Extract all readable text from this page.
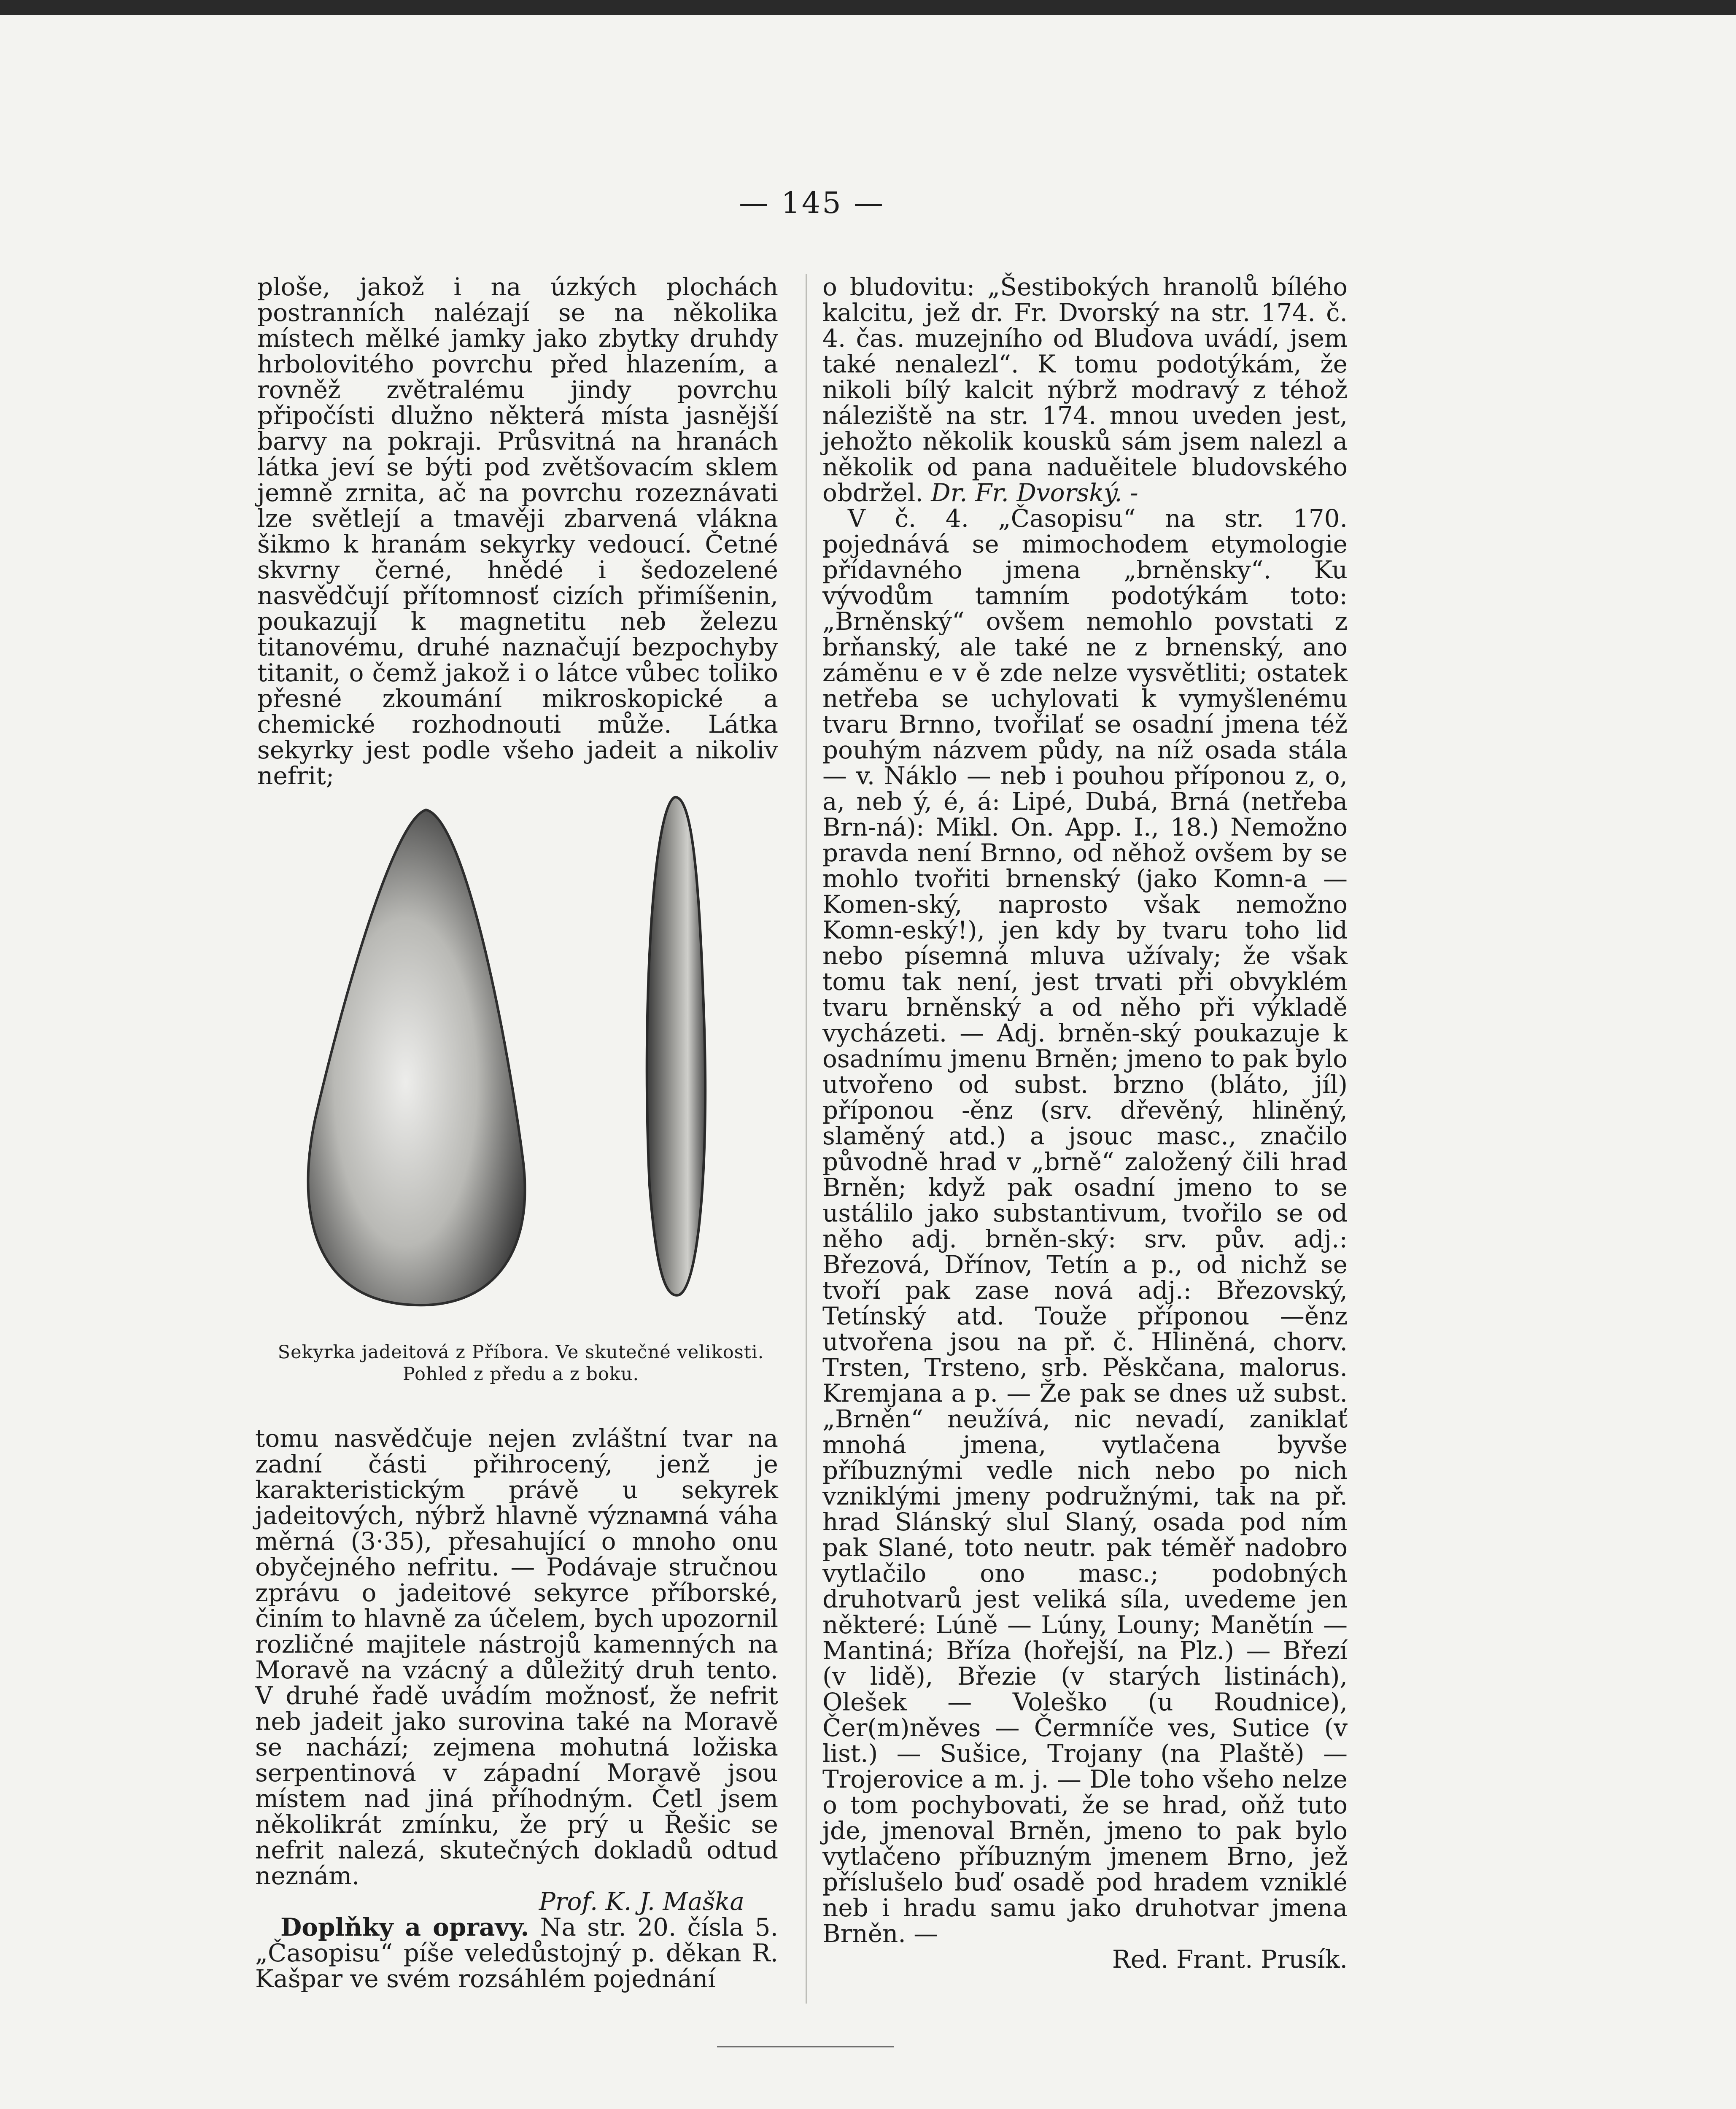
— 145 —

ploše, jakož i na úzkých plochách postranních nalézají se na několika místech mělké jamky jako zbytky druhdy hrbolovitého povrchu před hlazením, a rovněž zvětralému jindy povrchu připočísti dlužno některá místa jasnější barvy na pokraji. Průsvitná na hranách látka jeví se býti pod zvětšovacím sklem jemně zrnita, ač na povrchu rozeznávati lze světlejí a tmavěji zbarvená vlákna šikmo k hranám sekyrky vedoucí. Četné skvrny černé, hnědé i šedozelené nasvědčují přítomnosť cizích přimíšenin, poukazují k magnetitu neb železu titanovému, druhé naznačují bezpochyby titanit, o čemž jakož i o látce vůbec toliko přesné zkoumání mikroskopické a chemické rozhodnouti může. Látka sekyrky jest podle všeho jadeit a nikoliv nefrit;

Sekyrka jadeitová z Příbora. Ve skutečné velikosti. Pohled z předu a z boku.

tomu nasvědčuje nejen zvláštní tvar na zadní části přihrocený, jenž je karakteristickým právě u sekyrek jadeitových, nýbrž hlavně význaмná váha měrná (3·35), přesahující o mnoho onu obyčejného nefritu. — Podávaje stručnou zprávu o jadeitové sekyrce příborské, činím to hlavně za účelem, bych upozornil rozličné majitele nástrojů kamenných na Moravě na vzácný a důležitý druh tento. V druhé řadě uvádím možnosť, že nefrit neb jadeit jako surovina také na Moravě se nachází; zejmena mohutná ložiska serpentinová v západní Moravě jsou místem nad jiná příhodným. Četl jsem několikrát zmínku, že prý u Řešic se nefrit nalezá, skutečných dokladů odtud neznám.

Prof. K. J. Maška

Doplňky a opravy. Na str. 20. čísla 5. „Časopisu“ píše veledůstojný p. děkan R. Kašpar ve svém rozsáhlém pojednání

o bludovitu: „Šestibokých hranolů bílého kalcitu, jež dr. Fr. Dvorský na str. 174. č. 4. čas. muzejního od Bludova uvádí, jsem také nenalezl“. K tomu podotýkám, že nikoli bílý kalcit nýbrž modravý z téhož náleziště na str. 174. mnou uveden jest, jehožto několik kousků sám jsem nalezl a několik od pana naduěitele bludovského obdržel. Dr. Fr. Dvorský. -

V č. 4. „Časopisu“ na str. 170. pojednává se mimochodem etymologie přídavného jmena „brněnsky“. Ku vývodům tamním podotýkám toto: „Brněnský“ ovšem nemohlo povstati z brňanský, ale také ne z brnenský, ano záměnu e v ě zde nelze vysvětliti; ostatek netřeba se uchylovati k vymyšlenému tvaru Brnno, tvořilať se osadní jmena též pouhým názvem půdy, na níž osada stála — v. Náklo — neb i pouhou příponou z, o, a, neb ý, é, á: Lipé, Dubá, Brná (netřeba Brn-ná): Mikl. On. App. I., 18.) Nemožno pravda není Brnno, od něhož ovšem by se mohlo tvořiti brnenský (jako Komn-a — Komen-ský, naprosto však nemožno Komn-eský!), jen kdy by tvaru toho lid nebo písemná mluva užívaly; že však tomu tak není, jest trvati při obvyklém tvaru brněnský a od něho při výkladě vycházeti. — Adj. brněn-ský poukazuje k osadnímu jmenu Brněn; jmeno to pak bylo utvořeno od subst. brzno (bláto, jíl) příponou -ěnz (srv. dřevěný, hliněný, slaměný atd.) a jsouc masc., značilo původně hrad v „brně“ založený čili hrad Brněn; když pak osadní jmeno to se ustálilo jako substantivum, tvořilo se od něho adj. brněn-ský: srv. pův. adj.: Březová, Dřínov, Tetín a p., od nichž se tvoří pak zase nová adj.: Březovský, Tetínský atd. Touže příponou —ěnz utvořena jsou na př. č. Hliněná, chorv. Trsten, Trsteno, srb. Pěskčana, malorus. Kremjana a p. — Že pak se dnes už subst. „Brněn“ neužívá, nic nevadí, zaniklať mnohá jmena, vytlačena byvše příbuznými vedle nich nebo po nich vzniklými jmeny podružnými, tak na př. hrad Slánský slul Slaný, osada pod ním pak Slané, toto neutr. pak téměř nadobro vytlačilo ono masc.; podobných druhotvarů jest veliká síla, uvedeme jen některé: Lúně — Lúny, Louny; Manětín — Mantiná; Bříza (hořejší, na Plz.) — Březí (v lidě), Březie (v starých listinách), Olešek — Voleško (u Roudnice), Čer(m)něves — Čermníče ves, Sutice (v list.) — Sušice, Trojany (na Plaště) — Trojerovice a m. j. — Dle toho všeho nelze o tom pochybovati, že se hrad, oňž tuto jde, jmenoval Brněn, jmeno to pak bylo vytlačeno příbuzným jmenem Brno, jež příslušelo buď osadě pod hradem vzniklé neb i hradu samu jako druhotvar jmena Brněn. —

Red. Frant. Prusík.
